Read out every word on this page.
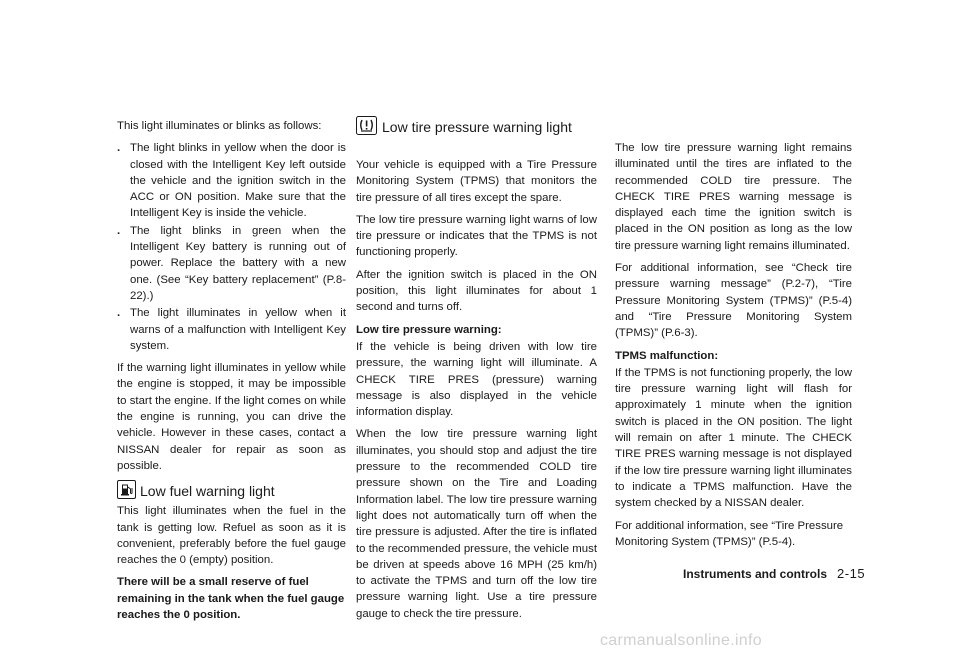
This light illuminates or blinks as follows:

. The light blinks in yellow when the door is closed with the Intelligent Key left outside the vehicle and the ignition switch in the ACC or ON position. Make sure that the Intelligent Key is inside the vehicle.
. The light blinks in green when the Intelligent Key battery is running out of power. Replace the battery with a new one. (See “Key battery replacement” (P.8-22).)
. The light illuminates in yellow when it warns of a malfunction with Intelligent Key system.

If the warning light illuminates in yellow while the engine is stopped, it may be impossible to start the engine. If the light comes on while the engine is running, you can drive the vehicle. However in these cases, contact a NISSAN dealer for repair as soon as possible.

Low fuel warning light

This light illuminates when the fuel in the tank is getting low. Refuel as soon as it is convenient, preferably before the fuel gauge reaches the 0 (empty) position.

There will be a small reserve of fuel remaining in the tank when the fuel gauge reaches the 0 position.

Low tire pressure warning light

Your vehicle is equipped with a Tire Pressure Monitoring System (TPMS) that monitors the tire pressure of all tires except the spare.

The low tire pressure warning light warns of low tire pressure or indicates that the TPMS is not functioning properly.

After the ignition switch is placed in the ON position, this light illuminates for about 1 second and turns off.

Low tire pressure warning:

If the vehicle is being driven with low tire pressure, the warning light will illuminate. A CHECK TIRE PRES (pressure) warning message is also displayed in the vehicle information display.

When the low tire pressure warning light illuminates, you should stop and adjust the tire pressure to the recommended COLD tire pressure shown on the Tire and Loading Information label. The low tire pressure warning light does not automatically turn off when the tire pressure is adjusted. After the tire is inflated to the recommended pressure, the vehicle must be driven at speeds above 16 MPH (25 km/h) to activate the TPMS and turn off the low tire pressure warning light. Use a tire pressure gauge to check the tire pressure.

The low tire pressure warning light remains illuminated until the tires are inflated to the recommended COLD tire pressure. The CHECK TIRE PRES warning message is displayed each time the ignition switch is placed in the ON position as long as the low tire pressure warning light remains illuminated.

For additional information, see “Check tire pressure warning message” (P.2-7), “Tire Pressure Monitoring System (TPMS)” (P.5-4) and “Tire Pressure Monitoring System (TPMS)” (P.6-3).

TPMS malfunction:

If the TPMS is not functioning properly, the low tire pressure warning light will flash for approximately 1 minute when the ignition switch is placed in the ON position. The light will remain on after 1 minute. The CHECK TIRE PRES warning message is not displayed if the low tire pressure warning light illuminates to indicate a TPMS malfunction. Have the system checked by a NISSAN dealer.

For additional information, see “Tire Pressure Monitoring System (TPMS)” (P.5-4).

Instruments and controls 2-15
carmanualsonline.info
